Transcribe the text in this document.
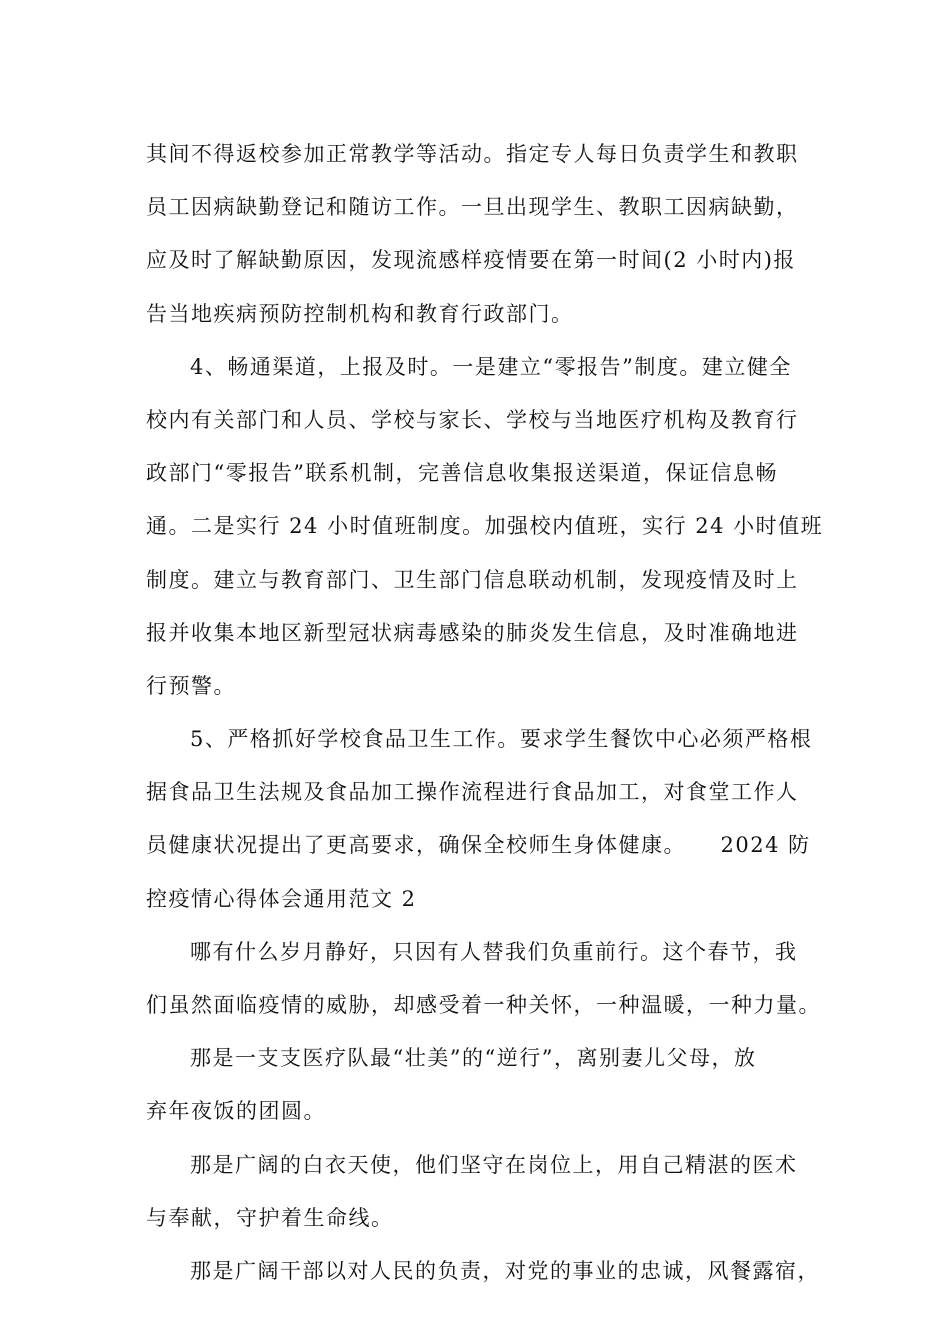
其间不得返校参加正常教学等活动。指定专人每日负责学生和教职
员工因病缺勤登记和随访工作。一旦出现学生、教职工因病缺勤，
应及时了解缺勤原因，发现流感样疫情要在第一时间(2 小时内)报
告当地疾病预防控制机构和教育行政部门。
4、畅通渠道，上报及时。一是建立“零报告”制度。建立健全
校内有关部门和人员、学校与家长、学校与当地医疗机构及教育行
政部门“零报告”联系机制，完善信息收集报送渠道，保证信息畅
通。二是实行 24 小时值班制度。加强校内值班，实行 24 小时值班
制度。建立与教育部门、卫生部门信息联动机制，发现疫情及时上
报并收集本地区新型冠状病毒感染的肺炎发生信息，及时准确地进
行预警。
5、严格抓好学校食品卫生工作。要求学生餐饮中心必须严格根
据食品卫生法规及食品加工操作流程进行食品加工，对食堂工作人
员健康状况提出了更高要求，确保全校师生身体健康。　　2024 防
控疫情心得体会通用范文 2
哪有什么岁月静好，只因有人替我们负重前行。这个春节，我
们虽然面临疫情的威胁，却感受着一种关怀，一种温暖，一种力量。
那是一支支医疗队最“壮美”的“逆行”，离别妻儿父母，放
弃年夜饭的团圆。
那是广阔的白衣天使，他们坚守在岗位上，用自己精湛的医术
与奉献，守护着生命线。
那是广阔干部以对人民的负责，对党的事业的忠诚，风餐露宿，
